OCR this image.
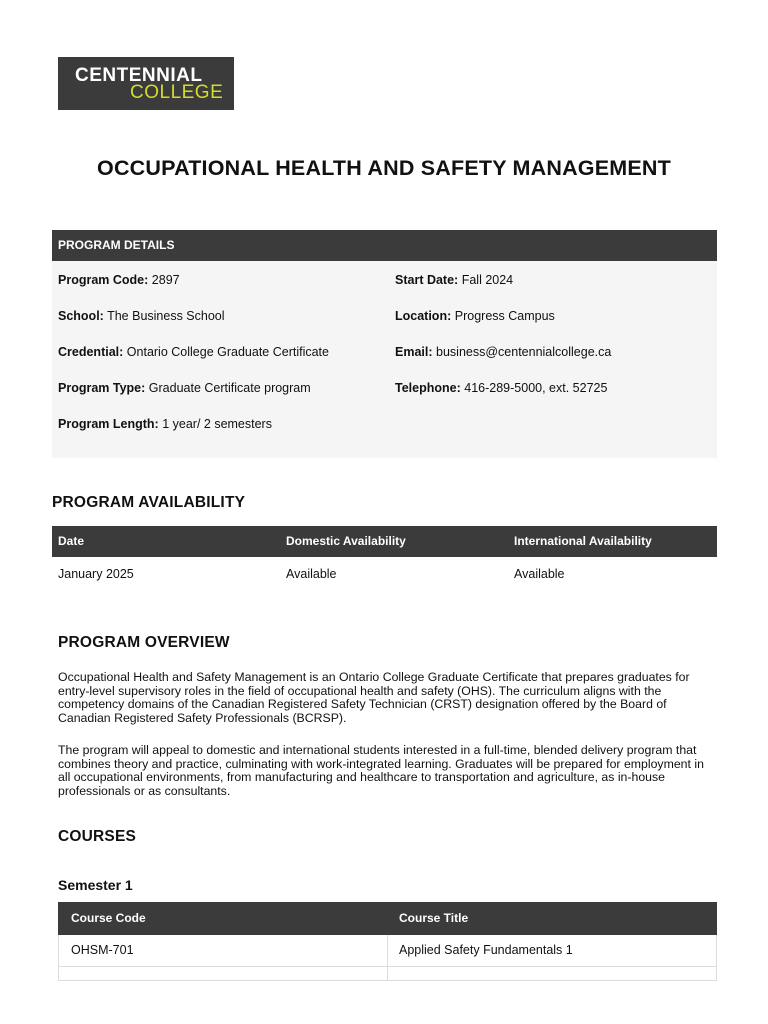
CENTENNIAL
COLLEGE
OCCUPATIONAL HEALTH AND SAFETY MANAGEMENT
PROGRAM DETAILS
Program Code: 2897
School: The Business School
Credential: Ontario College Graduate Certificate
Program Type: Graduate Certificate program
Program Length: 1 year/ 2 semesters
Start Date: Fall 2024
Location: Progress Campus
Email: business@centennialcollege.ca
Telephone: 416-289-5000, ext. 52725
PROGRAM AVAILABILITY
Date	Domestic Availability	International Availability
January 2025	Available	Available
PROGRAM OVERVIEW
Occupational Health and Safety Management is an Ontario College Graduate Certificate that prepares graduates for entry-level supervisory roles in the field of occupational health and safety (OHS). The curriculum aligns with the competency domains of the Canadian Registered Safety Technician (CRST) designation offered by the Board of Canadian Registered Safety Professionals (BCRSP).
The program will appeal to domestic and international students interested in a full-time, blended delivery program that combines theory and practice, culminating with work-integrated learning. Graduates will be prepared for employment in all occupational environments, from manufacturing and healthcare to transportation and agriculture, as in-house professionals or as consultants.
COURSES
Semester 1
Course Code	Course Title
OHSM-701	Applied Safety Fundamentals 1
